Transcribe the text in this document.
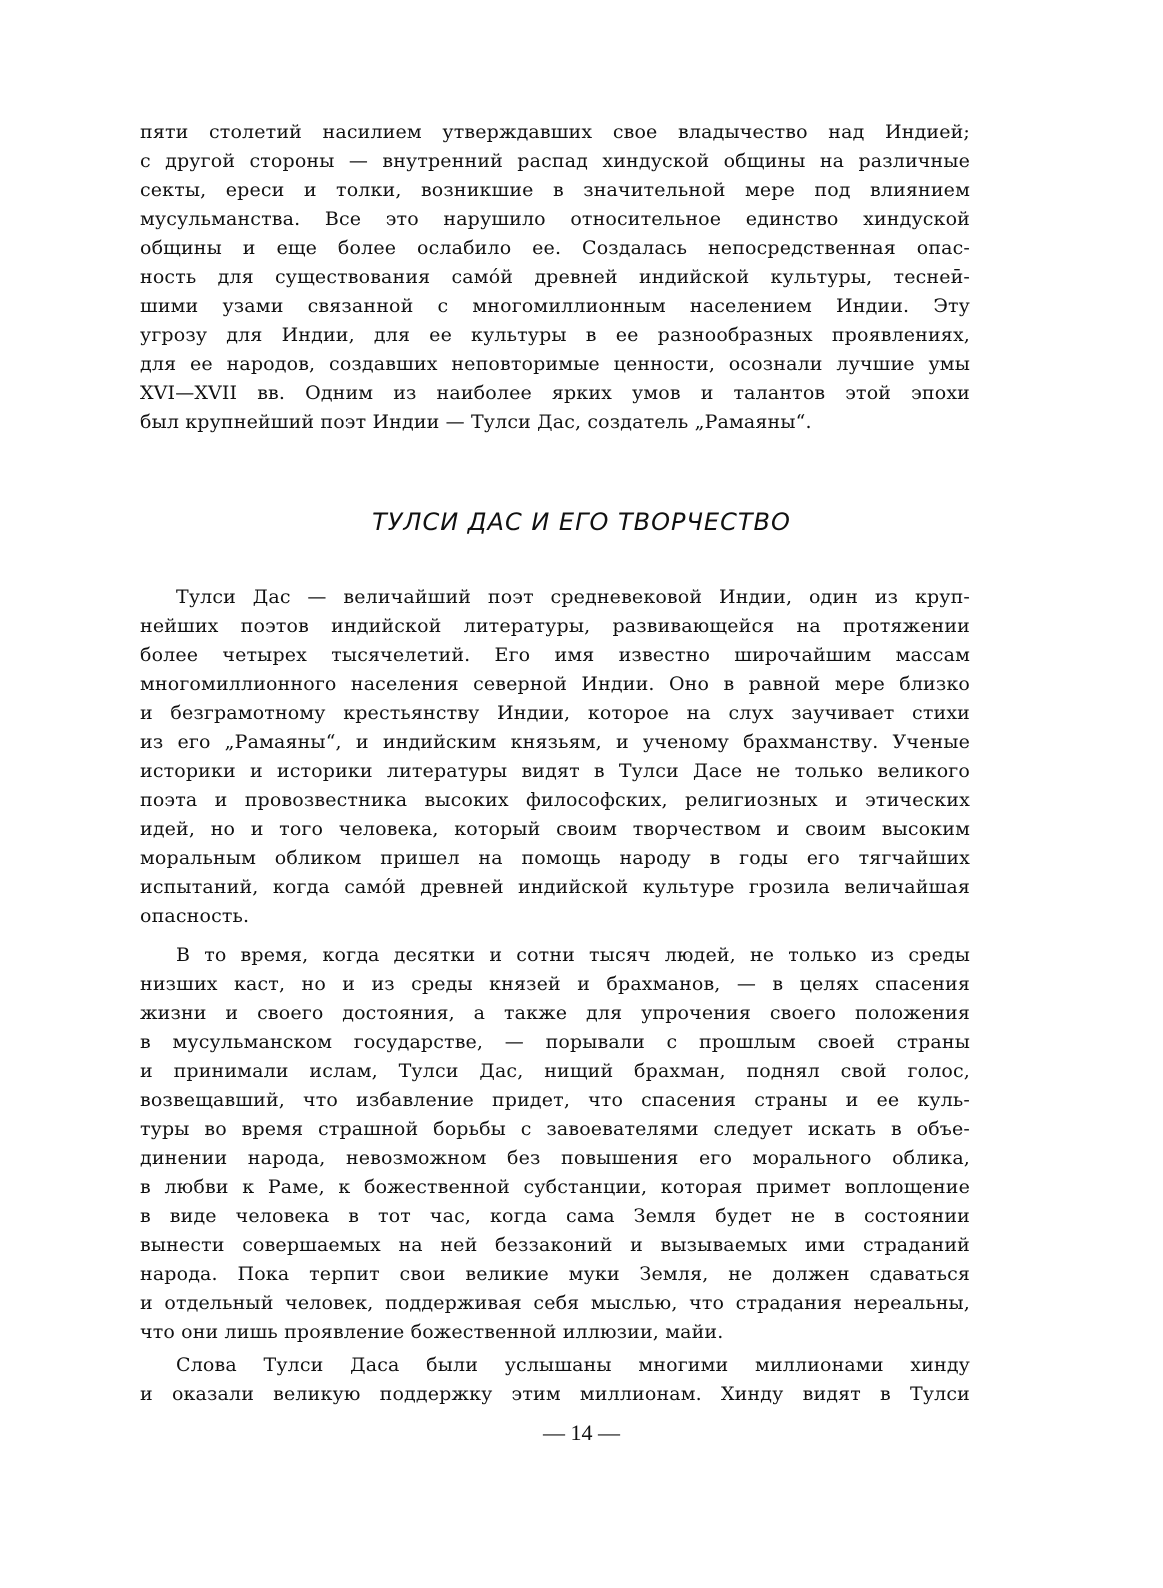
пяти столетий насилием утверждавших свое владычество над Индией;
с другой стороны — внутренний распад хиндуской общины на различные
секты, ереси и толки, возникшие в значительной мере под влиянием
мусульманства. Все это нарушило относительное единство хиндуской
общины и еще более ослабило ее. Создалась непосредственная опас-
ность для существования само́й древней индийской культуры, теснеӣ-
шими узами связанной с многомиллионным населением Индии. Эту
угрозу для Индии, для ее культуры в ее разнообразных проявлениях,
для ее народов, создавших неповторимые ценности, осознали лучшие умы
XVI—XVII вв. Одним из наиболее ярких умов и талантов этой эпохи
был крупнейший поэт Индии — Тулси Дас, создатель „Рамаяны“.
ТУЛСИ ДАС И ЕГО ТВОРЧЕСТВО
Тулси Дас — величайший поэт средневековой Индии, один из круп-
нейших поэтов индийской литературы, развивающейся на протяжении
более четырех тысячелетий. Его имя известно широчайшим массам
многомиллионного населения северной Индии. Оно в равной мере близко
и безграмотному крестьянству Индии, которое на слух заучивает стихи
из его „Рамаяны“, и индийским князьям, и ученому брахманству. Ученые
историки и историки литературы видят в Тулси Дасе не только великого
поэта и провозвестника высоких философских, религиозных и этических
идей, но и того человека, который своим творчеством и своим высоким
моральным обликом пришел на помощь народу в годы его тягчайших
испытаний, когда само́й древней индийской культуре грозила величайшая
опасность.
В то время, когда десятки и сотни тысяч людей, не только из среды
низших каст, но и из среды князей и брахманов, — в целях спасения
жизни и своего достояния, а также для упрочения своего положения
в мусульманском государстве, — порывали с прошлым своей страны
и принимали ислам, Тулси Дас, нищий брахман, поднял свой голос,
возвещавший, что избавление придет, что спасения страны и ее куль-
туры во время страшной борьбы с завоевателями следует искать в объе-
динении народа, невозможном без повышения его морального облика,
в любви к Раме, к божественной субстанции, которая примет воплощение
в виде человека в тот час, когда сама Земля будет не в состоянии
вынести совершаемых на ней беззаконий и вызываемых ими страданий
народа. Пока терпит свои великие муки Земля, не должен сдаваться
и отдельный человек, поддерживая себя мыслью, что страдания нереальны,
что они лишь проявление божественной иллюзии, майи.
Слова Тулси Даса были услышаны многими миллионами хинду
и оказали великую поддержку этим миллионам. Хинду видят в Тулси
— 14 —
